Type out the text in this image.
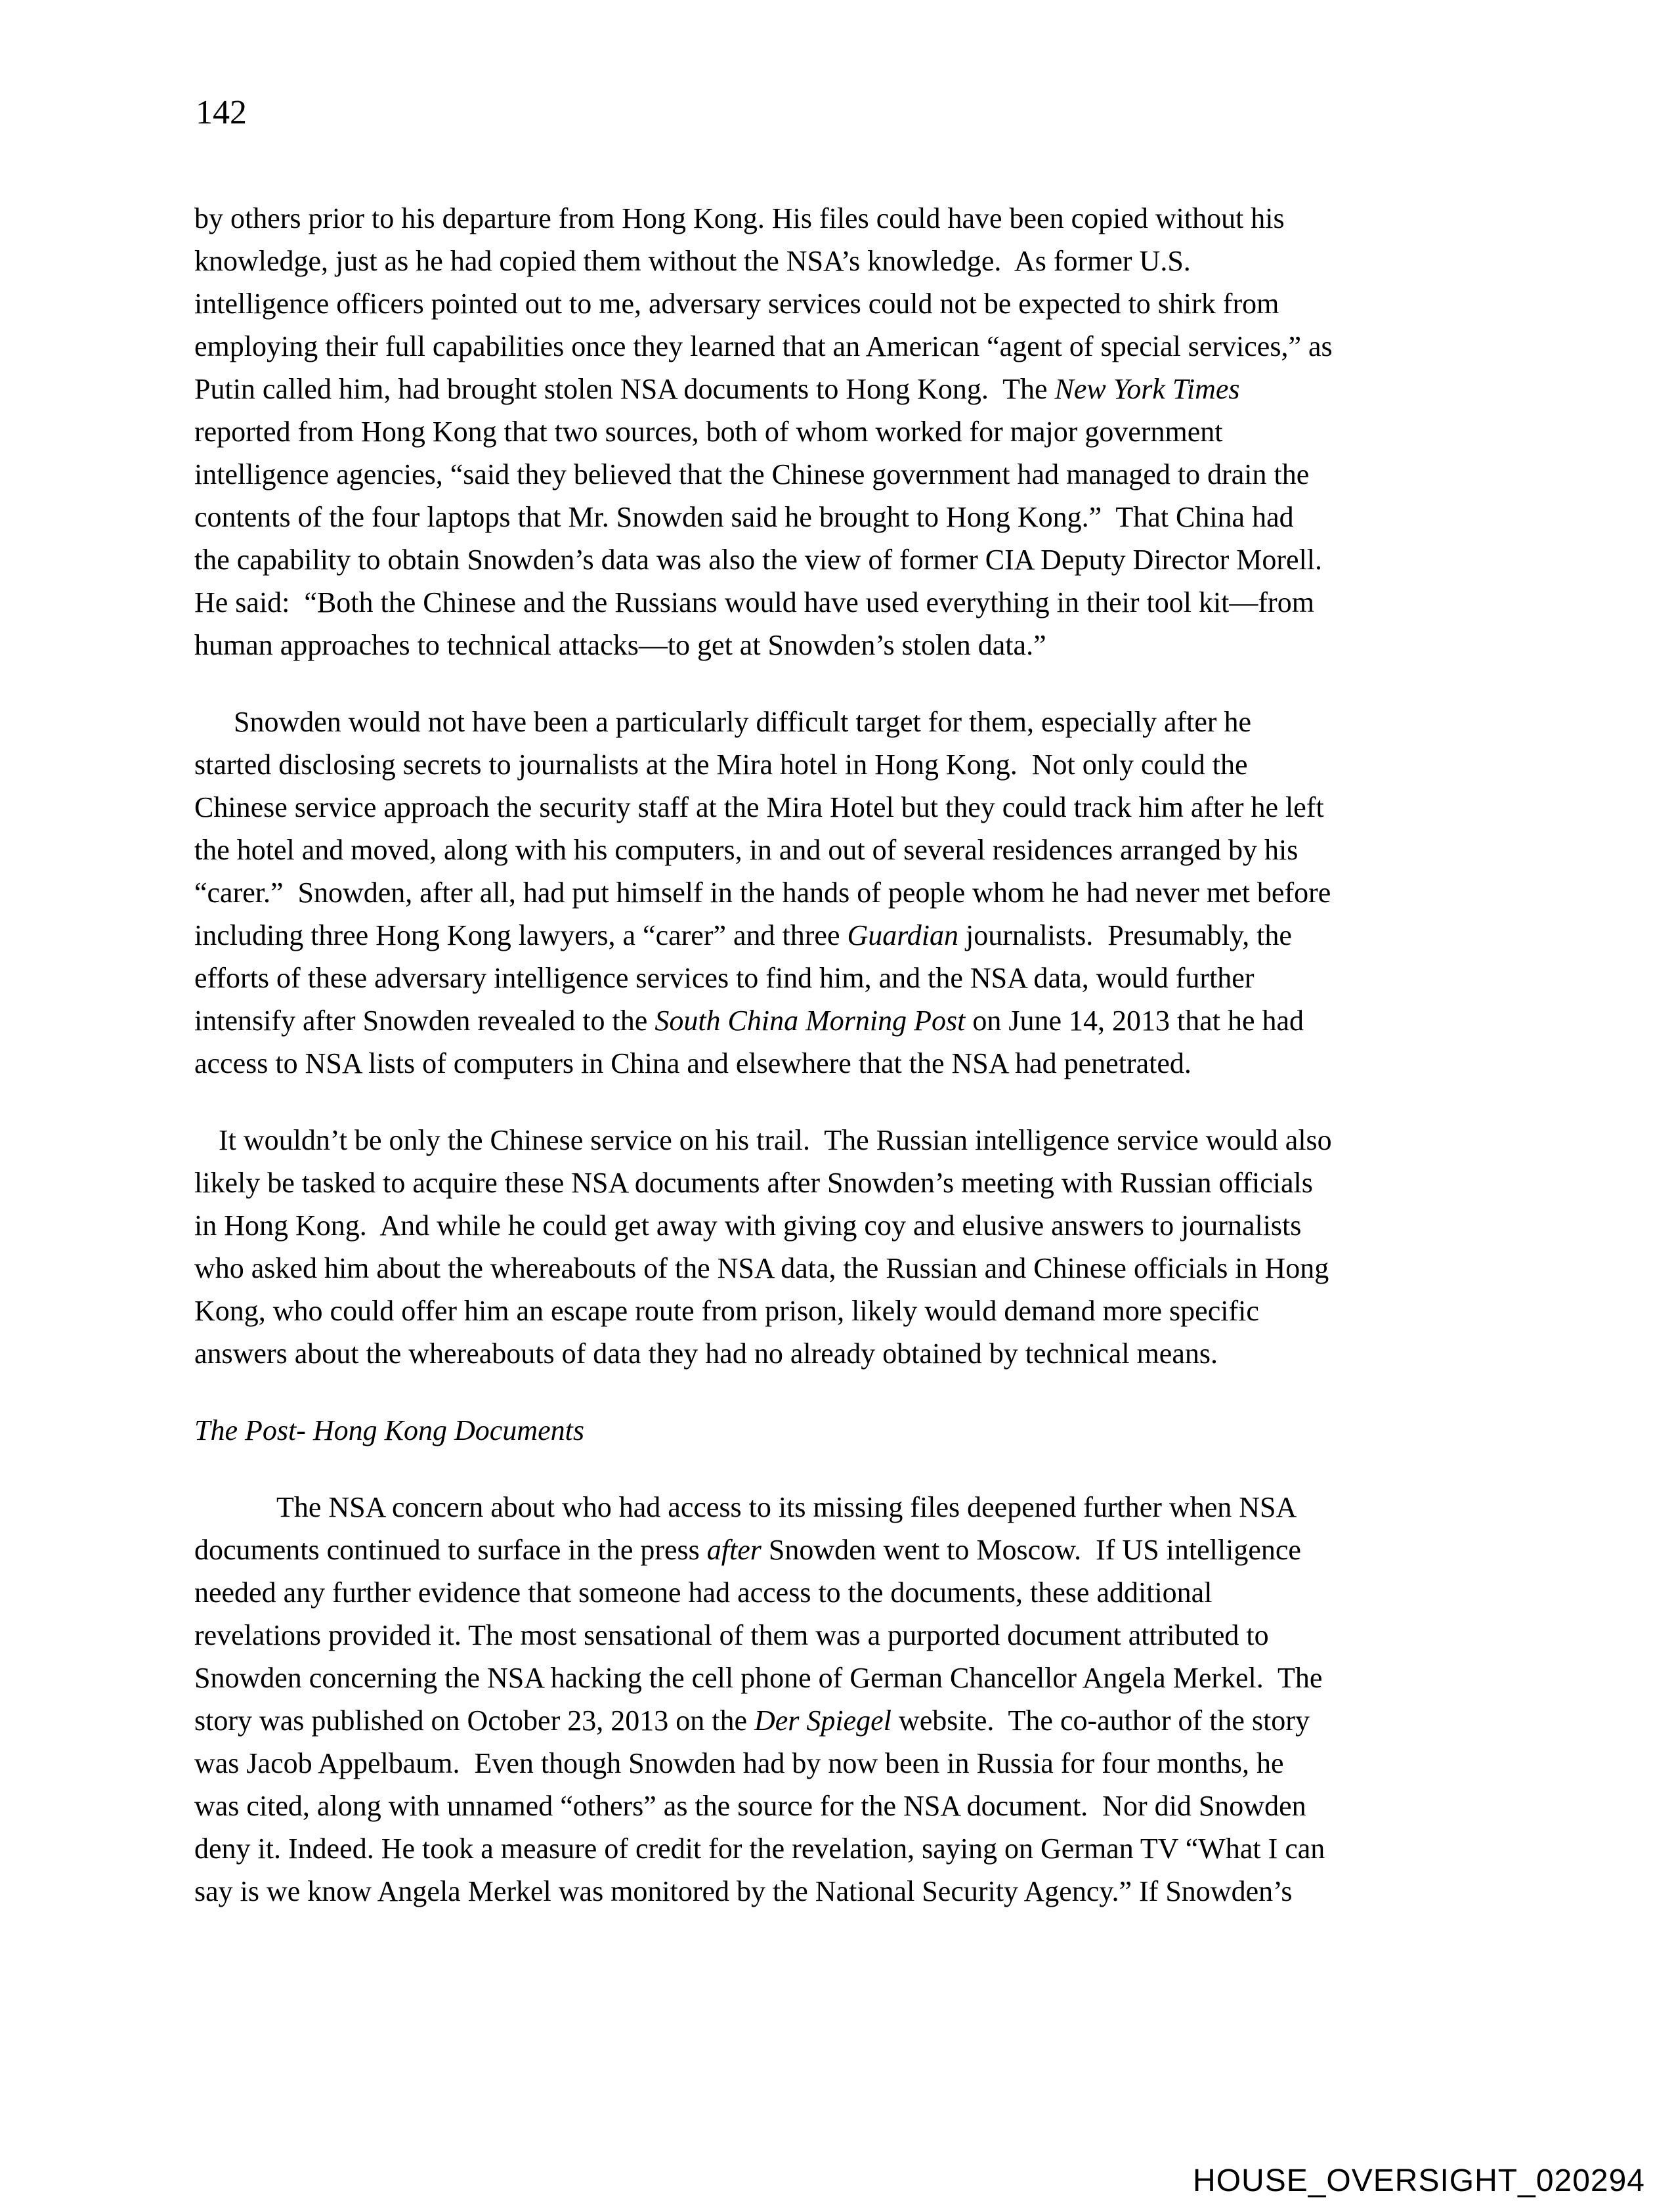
142
by others prior to his departure from Hong Kong. His files could have been copied without his
knowledge, just as he had copied them without the NSA’s knowledge.  As former U.S.
intelligence officers pointed out to me, adversary services could not be expected to shirk from
employing their full capabilities once they learned that an American “agent of special services,” as
Putin called him, had brought stolen NSA documents to Hong Kong.  The New York Times
reported from Hong Kong that two sources, both of whom worked for major government
intelligence agencies, “said they believed that the Chinese government had managed to drain the
contents of the four laptops that Mr. Snowden said he brought to Hong Kong.”  That China had
the capability to obtain Snowden’s data was also the view of former CIA Deputy Director Morell.
He said:  “Both the Chinese and the Russians would have used everything in their tool kit—from
human approaches to technical attacks—to get at Snowden’s stolen data.”
Snowden would not have been a particularly difficult target for them, especially after he
started disclosing secrets to journalists at the Mira hotel in Hong Kong.  Not only could the
Chinese service approach the security staff at the Mira Hotel but they could track him after he left
the hotel and moved, along with his computers, in and out of several residences arranged by his
“carer.”  Snowden, after all, had put himself in the hands of people whom he had never met before
including three Hong Kong lawyers, a “carer” and three Guardian journalists.  Presumably, the
efforts of these adversary intelligence services to find him, and the NSA data, would further
intensify after Snowden revealed to the South China Morning Post on June 14, 2013 that he had
access to NSA lists of computers in China and elsewhere that the NSA had penetrated.
It wouldn’t be only the Chinese service on his trail.  The Russian intelligence service would also
likely be tasked to acquire these NSA documents after Snowden’s meeting with Russian officials
in Hong Kong.  And while he could get away with giving coy and elusive answers to journalists
who asked him about the whereabouts of the NSA data, the Russian and Chinese officials in Hong
Kong, who could offer him an escape route from prison, likely would demand more specific
answers about the whereabouts of data they had no already obtained by technical means.
The Post- Hong Kong Documents
The NSA concern about who had access to its missing files deepened further when NSA
documents continued to surface in the press after Snowden went to Moscow.  If US intelligence
needed any further evidence that someone had access to the documents, these additional
revelations provided it. The most sensational of them was a purported document attributed to
Snowden concerning the NSA hacking the cell phone of German Chancellor Angela Merkel.  The
story was published on October 23, 2013 on the Der Spiegel website.  The co-author of the story
was Jacob Appelbaum.  Even though Snowden had by now been in Russia for four months, he
was cited, along with unnamed “others” as the source for the NSA document.  Nor did Snowden
deny it. Indeed. He took a measure of credit for the revelation, saying on German TV “What I can
say is we know Angela Merkel was monitored by the National Security Agency.” If Snowden’s
HOUSE_OVERSIGHT_020294
